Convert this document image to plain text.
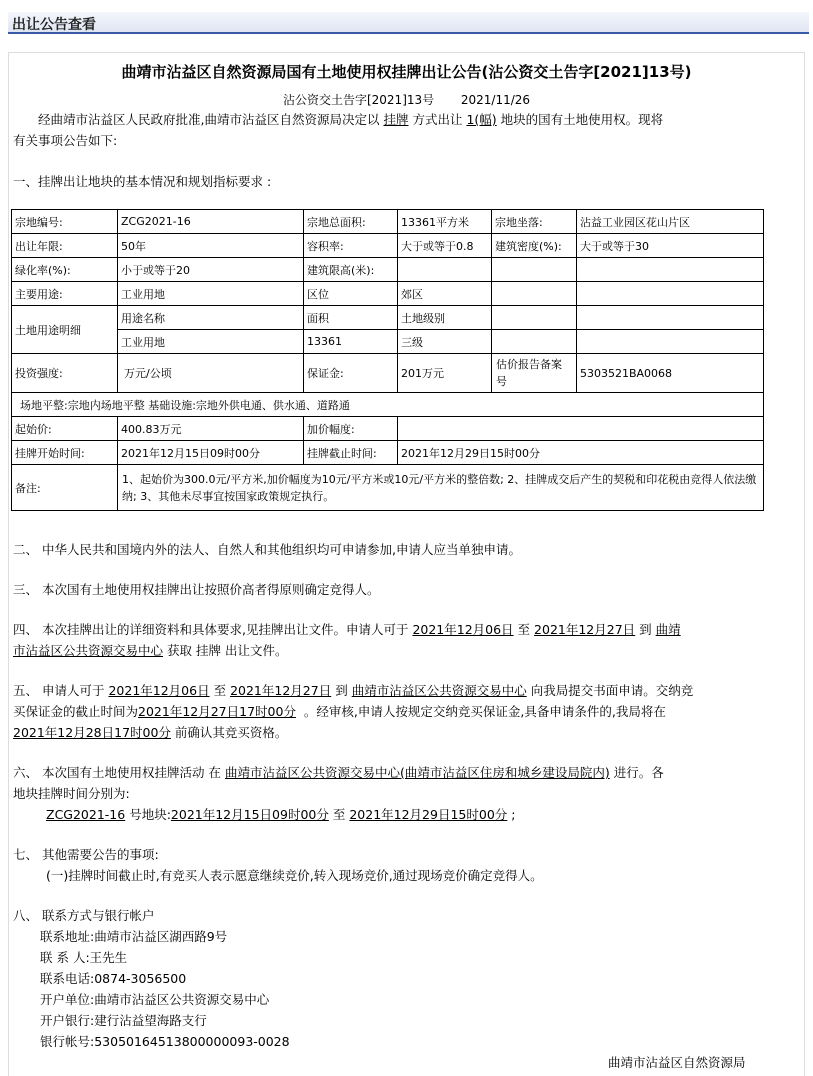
出让公告查看
曲靖市沾益区自然资源局国有土地使用权挂牌出让公告(沾公资交土告字[2021]13号)
沾公资交土告字[2021]13号 2021/11/26
经曲靖市沾益区人民政府批准,曲靖市沾益区自然资源局决定以 挂牌 方式出让 1(幅) 地块的国有土地使用权。现将
有关事项公告如下:
一、挂牌出让地块的基本情况和规划指标要求 :
宗地编号:	ZCG2021-16	宗地总面积:	13361平方米	宗地坐落:	沾益工业园区花山片区
出让年限:	50年	容积率:	大于或等于0.8	建筑密度(%):	大于或等于30
绿化率(%):	小于或等于20	建筑限高(米):			
主要用途:	工业用地	区位	郊区		
土地用途明细	用途名称	面积	土地级别		
	工业用地	13361	三级		
投资强度:	万元/公顷	保证金:	201万元	估价报告备案号	5303521BA0068
场地平整:宗地内场地平整 基础设施:宗地外供电通、供水通、道路通					
起始价:	400.83万元	加价幅度:			
挂牌开始时间:	2021年12月15日09时00分	挂牌截止时间:	2021年12月29日15时00分		
备注:	1、起始价为300.0元/平方米,加价幅度为10元/平方米或10元/平方米的整倍数; 2、挂牌成交后产生的契税和印花税由竞得人依法缴纳; 3、其他未尽事宜按国家政策规定执行。				
二、 中华人民共和国境内外的法人、自然人和其他组织均可申请参加,申请人应当单独申请。
三、 本次国有土地使用权挂牌出让按照价高者得原则确定竞得人。
四、 本次挂牌出让的详细资料和具体要求,见挂牌出让文件。申请人可于 2021年12月06日 至 2021年12月27日 到 曲靖
市沾益区公共资源交易中心 获取 挂牌 出让文件。
五、 申请人可于 2021年12月06日 至 2021年12月27日 到 曲靖市沾益区公共资源交易中心 向我局提交书面申请。交纳竞
买保证金的截止时间为2021年12月27日17时00分 。经审核,申请人按规定交纳竞买保证金,具备申请条件的,我局将在
2021年12月28日17时00分 前确认其竞买资格。
六、 本次国有土地使用权挂牌活动 在 曲靖市沾益区公共资源交易中心(曲靖市沾益区住房和城乡建设局院内) 进行。各
地块挂牌时间分别为:
ZCG2021-16 号地块:2021年12月15日09时00分 至 2021年12月29日15时00分 ;
七、 其他需要公告的事项:
(一)挂牌时间截止时,有竞买人表示愿意继续竞价,转入现场竞价,通过现场竞价确定竞得人。
八、 联系方式与银行帐户
联系地址:曲靖市沾益区湖西路9号
联 系 人:王先生
联系电话:0874-3056500
开户单位:曲靖市沾益区公共资源交易中心
开户银行:建行沾益望海路支行
银行帐号:53050164513800000093-0028
曲靖市沾益区自然资源局
